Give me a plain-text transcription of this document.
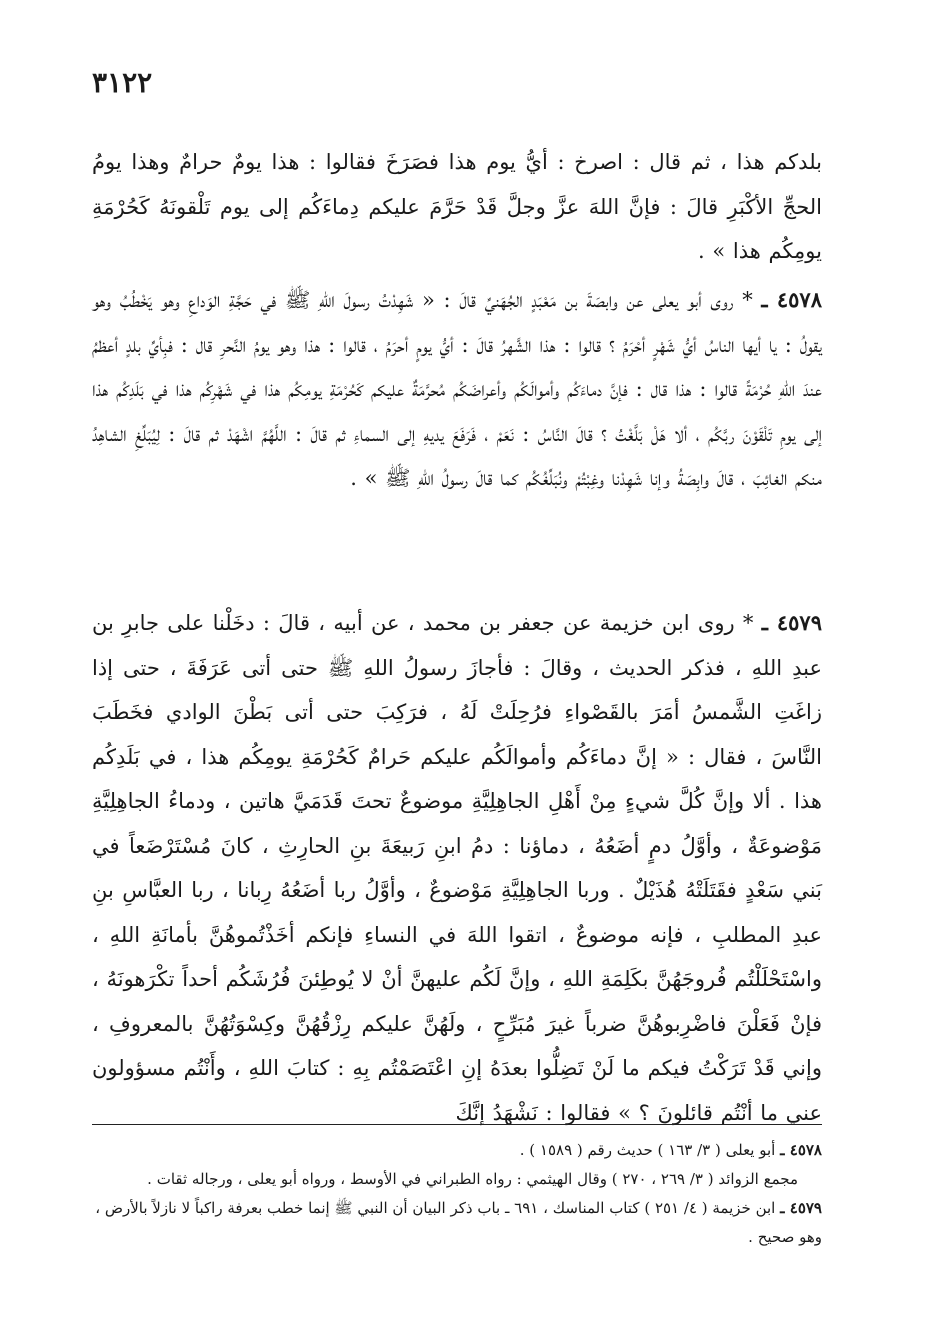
٣١٢٢

بلدكم هذا ، ثم قال : اصرخ : أيُّ يوم هذا فصَرَخَ فقالوا : هذا يومٌ حرامٌ وهذا يومُ الحجِّ الأكْبَرِ قالَ : فإنَّ اللهَ عزَّ وجلَّ قَدْ حَرَّمَ عليكم دِماءَكُم إلى يوم تَلْقونَهُ كَحُرْمَةِ يومِكُم هذا » .

٤٥٧٨ ـ * روى أبو يعلى عن وابصَةَ بن مَعْبَدٍ الجُهَنيِّ قالَ : « شَهِدْتُ رسولَ اللهِ ﷺ في حَجَّةِ الوَداعِ وهو يَخْطُبُ وهو يقولُ : يا أيها الناسُ أيُّ شَهْرٍ أحْرَمُ ؟ قالوا : هذا الشَّهرُ قالَ : أيُّ يومٍ أحرَمُ ، قالوا : هذا وهو يومُ النَّحرِ قال : فبِأيِّ بلدٍ أعظمُ عندَ اللهِ حُرْمَةً قالوا : هذا قال : فإنَّ دماءَكُم وأموالَكُم وأعراضَكُم مُحرَّمَةٌ عليكم كَحُرْمَةِ يومِكُم هذا في شَهْرِكُم هذا في بَلَدِكُم هذا إلى يومِ تَلْقَوْنَ ربَّكُم ، ألا هَلْ بَلَّغْتُ ؟ قالَ النَّاسُ : نَعَمْ ، فَرَفَعَ يديهِ إلى السماءِ ثم قالَ : اللَّهُمَّ اشْهَدْ ثم قالَ : لِيُبَلِّغِ الشاهِدُ منكم الغائِبَ ، قالَ وابِصَةُ وإنا شَهِدْنا وغِبْتُمْ ونُبَلِّغُكُم كما قالَ رسولُ اللهِ ﷺ » .

٤٥٧٩ ـ * روى ابن خزيمة عن جعفر بن محمد ، عن أبيه ، قالَ : دخَلْنا على جابرِ بن عبدِ اللهِ ، فذكر الحديث ، وقالَ : فأجازَ رسولُ اللهِ ﷺ حتى أتى عَرَفَةَ ، حتى إذا زاغَتِ الشَّمسُ أمَرَ بالقَصْواءِ فرُحِلَتْ لَهُ ، فرَكِبَ حتى أتى بَطْنَ الوادي فخَطَبَ النَّاسَ ، فقال : « إنَّ دماءَكُم وأموالَكُم عليكم حَرامٌ كَحُرْمَةِ يومِكُم هذا ، في بَلَدِكُم هذا . ألا وإنَّ كُلَّ شيءٍ مِنْ أَهْلِ الجاهِلِيَّةِ موضوعٌ تحتَ قَدَمَيَّ هاتين ، ودماءُ الجاهِلِيَّةِ مَوْضوعَةٌ ، وأوَّلُ دمٍ أضَعُهُ ، دماؤنا : دمُ ابنِ رَبيعَةَ بنِ الحارِثِ ، كانَ مُسْتَرْضَعاً في بَني سَعْدٍ فقَتَلَتْهُ هُذَيْلٌ . وربا الجاهِلِيَّةِ مَوْضوعٌ ، وأوَّلُ ربا أضَعُهُ رِبانا ، ربا العبَّاسِ بنِ عبدِ المطلبِ ، فإنه موضوعٌ ، اتقوا اللهَ في النساءِ فإنكم أخَذْتُموهُنَّ بأمانَةِ اللهِ ، واسْتَحْلَلْتُم فُروجَهُنَّ بكَلِمَةِ اللهِ ، وإنَّ لَكُم عليهنَّ أنْ لا يُوطِئنَ فُرُشَكُم أحداً تكْرَهونَهُ ، فإنْ فَعَلْنَ فاضْرِبوهُنَّ ضرباً غيرَ مُبَرِّحٍ ، ولَهُنَّ عليكم رِزْقُهُنَّ وكِسْوَتُهُنَّ بالمعروفِ ، وإني قَدْ تَرَكْتُ فيكم ما لَنْ تَضِلُّوا بعدَهُ إنِ اعْتَصَمْتُم بِهِ : كتابَ اللهِ ، وأَنْتُم مسؤولون عني ما أنْتُم قائلونَ ؟ » فقالوا : نَشْهَدُ إنَّكَ

٤٥٧٨ ـ أبو يعلى ( ٣/ ١٦٣ ) حديث رقم ( ١٥٨٩ ) .

مجمع الزوائد ( ٣/ ٢٦٩ ، ٢٧٠ ) وقال الهيثمي : رواه الطبراني في الأوسط ، ورواه أبو يعلى ، ورجاله ثقات .

٤٥٧٩ ـ ابن خزيمة ( ٤/ ٢٥١ ) كتاب المناسك ، ٦٩١ ـ باب ذكر البيان أن النبي ﷺ إنما خطب بعرفة راكباً لا نازلاً بالأرض ، وهو صحيح .
